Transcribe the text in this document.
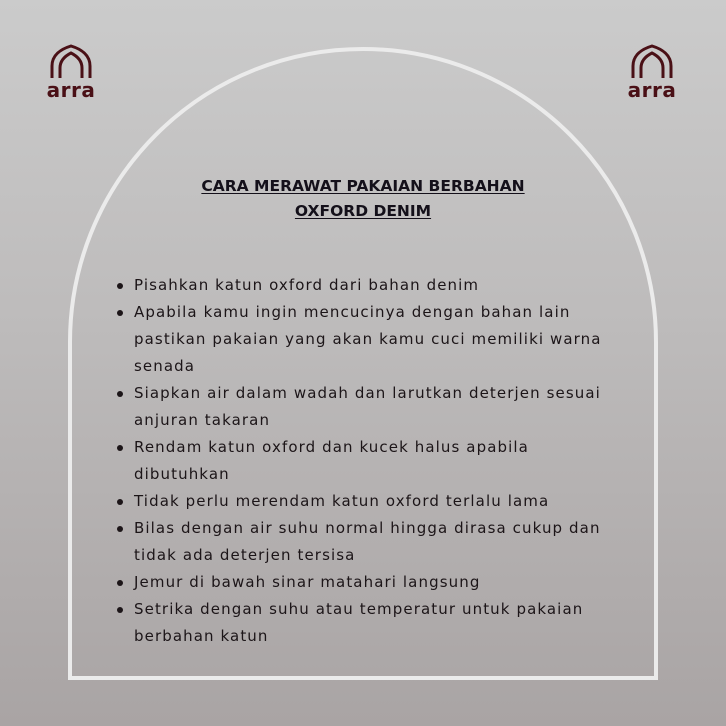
arra	arra
CARA MERAWAT PAKAIAN BERBAHAN
OXFORD DENIM
Pisahkan katun oxford dari bahan denim
Apabila kamu ingin mencucinya dengan bahan lain
pastikan pakaian yang akan kamu cuci memiliki warna
senada
Siapkan air dalam wadah dan larutkan deterjen sesuai
anjuran takaran
Rendam katun oxford dan kucek halus apabila
dibutuhkan
Tidak perlu merendam katun oxford terlalu lama
Bilas dengan air suhu normal hingga dirasa cukup dan
tidak ada deterjen tersisa
Jemur di bawah sinar matahari langsung
Setrika dengan suhu atau temperatur untuk pakaian
berbahan katun
